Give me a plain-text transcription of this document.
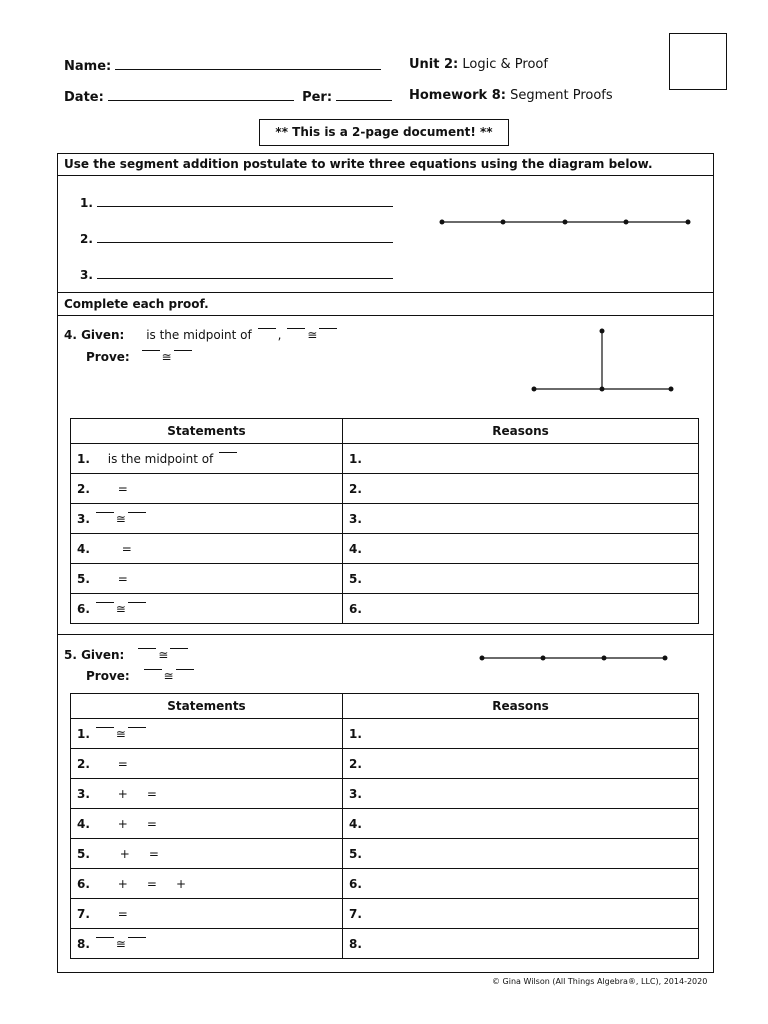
Name:
Date:	Per:
Unit 2: Logic & Proof
Homework 8: Segment Proofs
** This is a 2-page document! **
Use the segment addition postulate to write three equations using the diagram below.
1.
2.
3.
Complete each proof.
4. Given: is the midpoint of , ≅
Prove:	≅
Statements	Reasons
1. is the midpoint of	1.
2. =	2.
3. ≅	3.
4. =	4.
5. =	5.
6. ≅	6.
5. Given:	≅
Prove:	≅
Statements	Reasons
1. ≅	1.
2. =	2.
3. +     =	3.
4. +     =	4.
5. +     =	5.
6. +     =     +	6.
7. =	7.
8. ≅	8.
© Gina Wilson (All Things Algebra®, LLC), 2014-2020
